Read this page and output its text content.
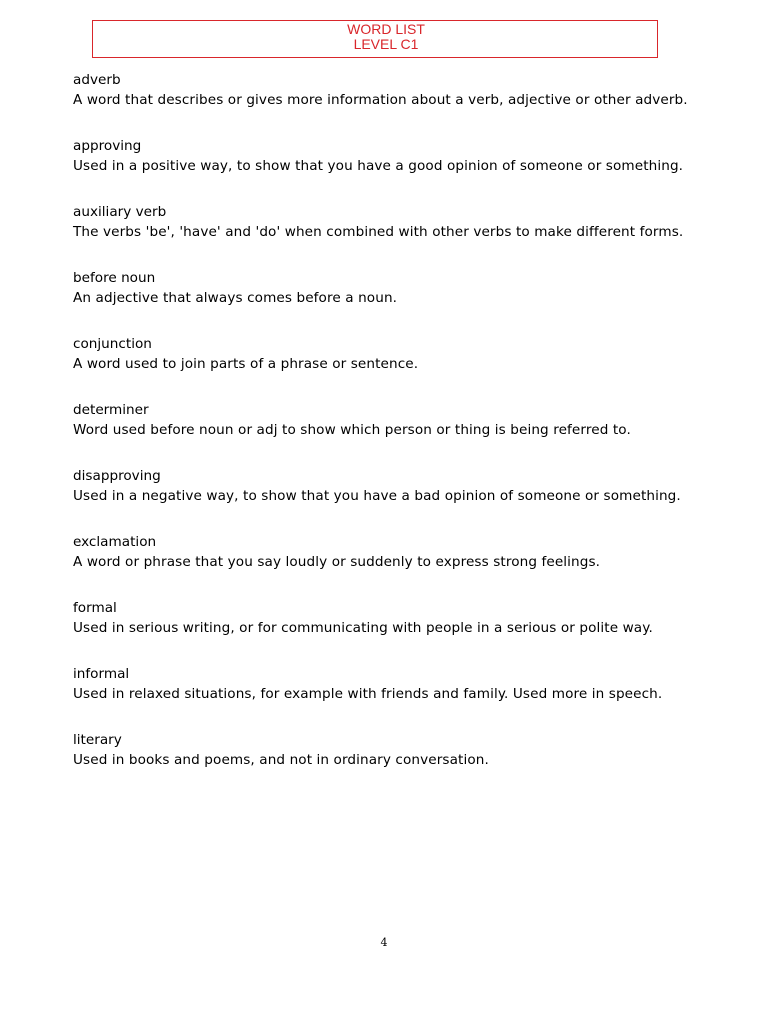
WORD LIST
LEVEL C1
adverb
A word that describes or gives more information about a verb, adjective or other adverb.
approving
Used in a positive way, to show that you have a good opinion of someone or something.
auxiliary verb
The verbs 'be', 'have' and 'do' when combined with other verbs to make different forms.
before noun
An adjective that always comes before a noun.
conjunction
A word used to join parts of a phrase or sentence.
determiner
Word used before noun or adj to show which person or thing is being referred to.
disapproving
Used in a negative way, to show that you have a bad opinion of someone or something.
exclamation
A word or phrase that you say loudly or suddenly to express strong feelings.
formal
Used in serious writing, or for communicating with people in a serious or polite way.
informal
Used in relaxed situations, for example with friends and family. Used more in speech.
literary
Used in books and poems, and not in ordinary conversation.
4
